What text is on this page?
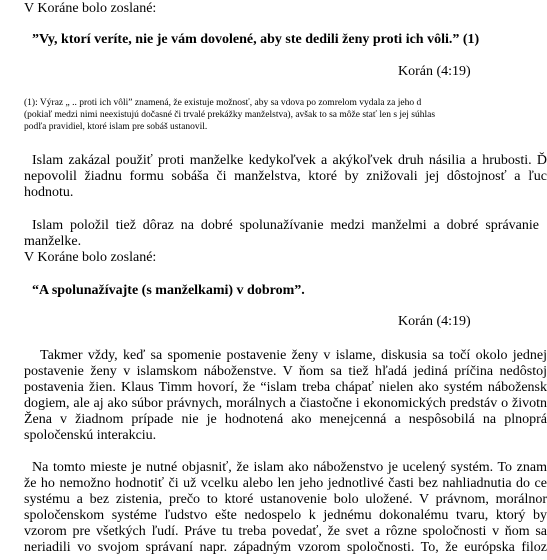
V Koráne bolo zoslané:

”Vy, ktorí veríte, nie je vám dovolené, aby ste dedili ženy proti ich vôli.” (1)

Korán (4:19)

(1): Výraz „ .. proti ich vôli” znamená, že existuje možnosť, aby sa vdova po zomrelom vydala za jeho d

(pokiaľ medzi nimi neexistujú dočasné či trvalé prekážky manželstva), avšak to sa môže stať len s jej súhlas

podľa pravidiel, ktoré islam pre sobáš ustanovil.

Islam zakázal použiť proti manželke kedykoľvek a akýkoľvek druh násilia a hrubosti. Ď

nepovolil žiadnu formu sobáša či manželstva, ktoré by znižovali jej dôstojnosť a ľuc

hodnotu.

Islam položil tiež dôraz na dobré spolunažívanie medzi manželmi a dobré správanie

manželke.

V Koráne bolo zoslané:

“A spolunažívajte (s manželkami) v dobrom”.

Korán (4:19)

Takmer vždy, keď sa spomenie postavenie ženy v islame, diskusia sa točí okolo jednej

postavenie ženy v islamskom náboženstve. V ňom sa tiež hľadá jediná príčina nedôstoj

postavenia žien. Klaus Timm hovorí, že “islam treba chápať nielen ako systém nábožensk

dogiem, ale aj ako súbor právnych, morálnych a čiastočne i ekonomických predstáv o životn

Žena v žiadnom prípade nie je hodnotená ako menejcenná a nespôsobilá na plnoprá

spoločenskú interakciu.

Na tomto mieste je nutné objasniť, že islam ako náboženstvo je ucelený systém. To znam

že ho nemožno hodnotiť či už vcelku alebo len jeho jednotlivé časti bez nahliadnutia do ce

systému a bez zistenia, prečo to ktoré ustanovenie bolo uložené. V právnom, morálnor

spoločenskom systéme ľudstvo ešte nedospelo k jednému dokonalému tvaru, ktorý by

vzorom pre všetkých ľudí. Práve tu treba povedať, že svet a rôzne spoločnosti v ňom sa

neriadili vo svojom správaní napr. západným vzorom spoločnosti. To, že európska filoz
